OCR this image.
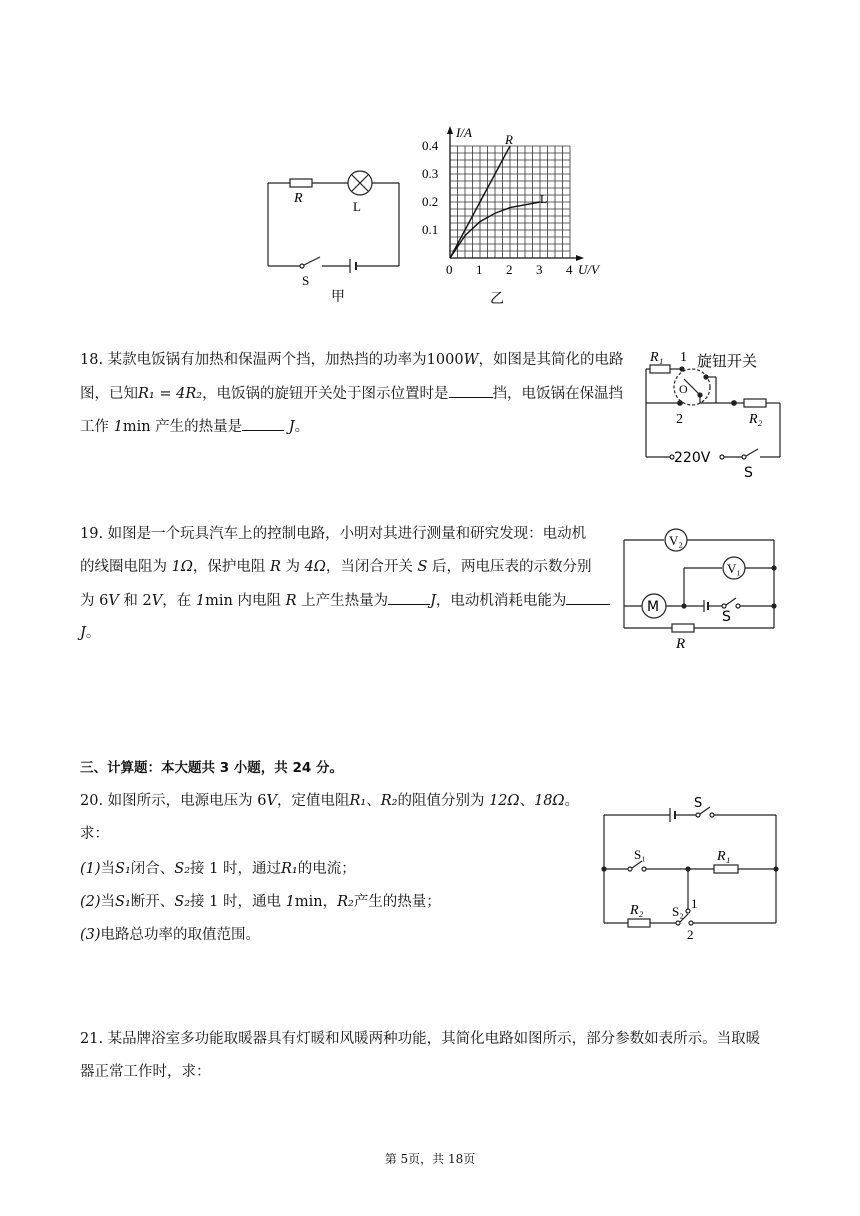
R
L
S
甲
I/A
U/V
0 1 2 3 4
0.1
0.2
0.3
0.4	R
L
乙
18. 某款电饭锅有加热和保温两个挡，加热挡的功率为1000W，如图是其简化的电路
图，已知R₁ = 4R₂，电饭锅的旋钮开关处于图示位置时是	挡，电饭锅在保温挡
工作 1min 产生的热量是	J。
R₁ 1
O
2
旋钮开关
R₂
220V
S
19. 如图是一个玩具汽车上的控制电路，小明对其进行测量和研究发现：电动机
的线圈电阻为 1Ω，保护电阻 R 为 4Ω，当闭合开关 S 后，两电压表的示数分别
为 6V 和 2V，在 1min 内电阻 R 上产生热量为	J，电动机消耗电能为
J。
V₂
V₁
M
S
R
三、计算题：本大题共 3 小题，共 24 分。
20. 如图所示，电源电压为 6V，定值电阻R₁、R₂的阻值分别为 12Ω、18Ω。
求：
(1)当S₁闭合、S₂接 1 时，通过R₁的电流；
(2)当S₁断开、S₂接 1 时，通电 1min，R₂产生的热量；
(3)电路总功率的取值范围。
S
S₁	R₁
R₂ S₂
1
2
21. 某品牌浴室多功能取暖器具有灯暖和风暖两种功能，其简化电路如图所示，部分参数如表所示。当取暖
器正常工作时，求：
第 5页，共 18页
